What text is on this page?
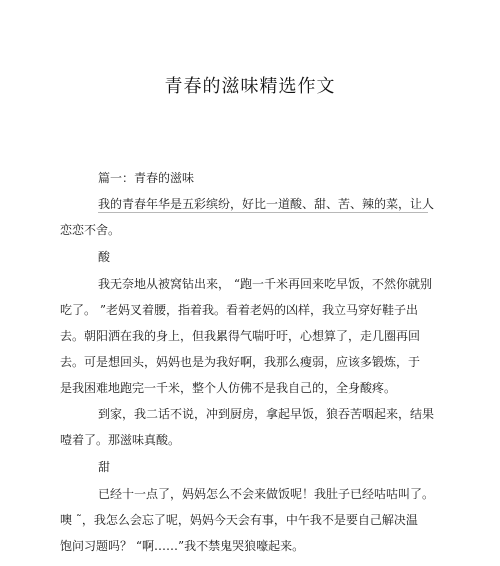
青春的滋味精选作文
篇一：青春的滋味
我的青春年华是五彩缤纷，好比一道酸、甜、苦、辣的菜，让人
恋恋不舍。
酸
我无奈地从被窝钻出来， “跑一千米再回来吃早饭，不然你就别
吃了。 ”老妈叉着腰，指着我。看着老妈的凶样，我立马穿好鞋子出
去。朝阳洒在我的身上，但我累得气喘吁吁，心想算了，走几圈再回
去。可是想回头，妈妈也是为我好啊，我那么瘦弱，应该多锻炼，于
是我困难地跑完一千米，整个人仿佛不是我自己的，全身酸疼。
到家，我二话不说，冲到厨房，拿起早饭，狼吞苦咽起来，结果
噎着了。那滋味真酸。
甜
已经十一点了，妈妈怎么不会来做饭呢！我肚子已经咕咕叫了。
噢 ˜，我怎么会忘了呢，妈妈今天会有事，中午我不是要自己解决温
饱问习题吗？ “啊……”我不禁鬼哭狼嚎起来。
